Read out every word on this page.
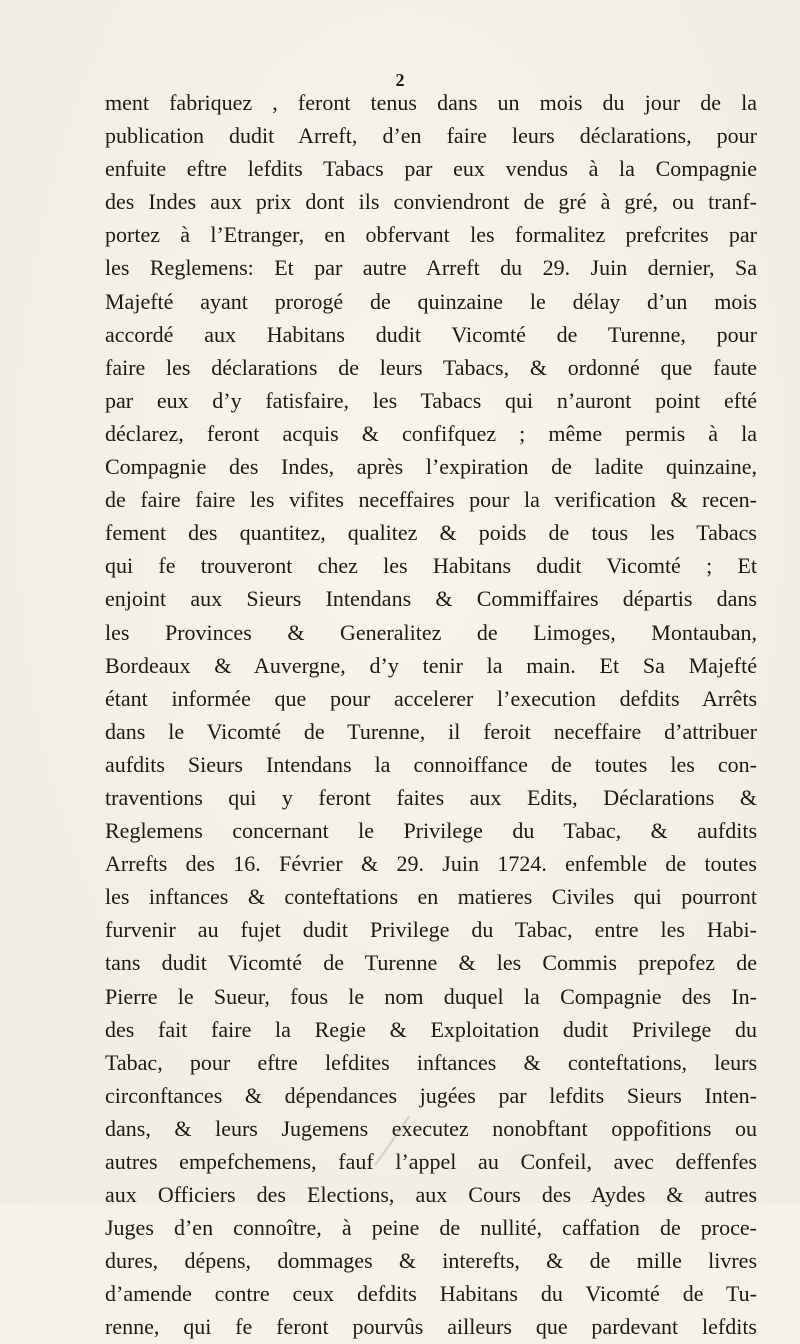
2
ment fabriquez , feront tenus dans un mois du jour de la
publication dudit Arreft, d’en faire leurs déclarations, pour
enfuite eftre lefdits Tabacs par eux vendus à la Compagnie
des Indes aux prix dont ils conviendront de gré à gré, ou tranf-
portez à l’Etranger, en obfervant les formalitez prefcrites par
les Reglemens: Et par autre Arreft du 29. Juin dernier, Sa
Majefté ayant prorogé de quinzaine le délay d’un mois
accordé aux Habitans dudit Vicomté de Turenne, pour
faire les déclarations de leurs Tabacs, & ordonné que faute
par eux d’y fatisfaire, les Tabacs qui n’auront point efté
déclarez, feront acquis & confifquez ; même permis à la
Compagnie des Indes, après l’expiration de ladite quinzaine,
de faire faire les vifites neceffaires pour la verification & recen-
fement des quantitez, qualitez & poids de tous les Tabacs
qui fe trouveront chez les Habitans dudit Vicomté ; Et
enjoint aux Sieurs Intendans & Commiffaires départis dans
les Provinces & Generalitez de Limoges, Montauban,
Bordeaux & Auvergne, d’y tenir la main. Et Sa Majefté
étant informée que pour accelerer l’execution defdits Arrêts
dans le Vicomté de Turenne, il feroit neceffaire d’attribuer
aufdits Sieurs Intendans la connoiffance de toutes les con-
traventions qui y feront faites aux Edits, Déclarations &
Reglemens concernant le Privilege du Tabac, & aufdits
Arrefts des 16. Février & 29. Juin 1724. enfemble de toutes
les inftances & conteftations en matieres Civiles qui pourront
furvenir au fujet dudit Privilege du Tabac, entre les Habi-
tans dudit Vicomté de Turenne & les Commis prepofez de
Pierre le Sueur, fous le nom duquel la Compagnie des In-
des fait faire la Regie & Exploitation dudit Privilege du
Tabac, pour eftre lefdites inftances & conteftations, leurs
circonftances & dépendances jugées par lefdits Sieurs Inten-
dans, & leurs Jugemens executez nonobftant oppofitions ou
autres empefchemens, fauf l’appel au Confeil, avec deffenfes
aux Officiers des Elections, aux Cours des Aydes & autres
Juges d’en connoître, à peine de nullité, caffation de proce-
dures, dépens, dommages & interefts, & de mille livres
d’amende contre ceux defdits Habitans du Vicomté de Tu-
renne, qui fe feront pourvûs ailleurs que pardevant lefdits
